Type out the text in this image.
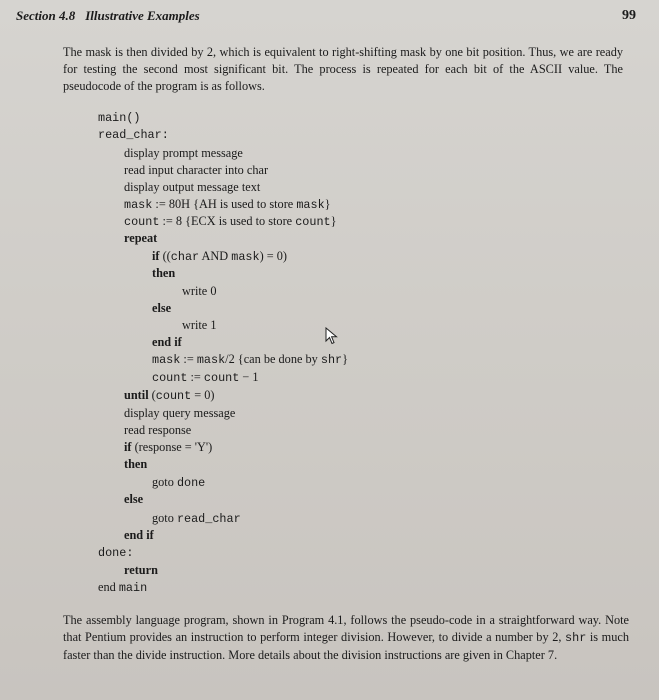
Section 4.8 Illustrative Examples	99
The mask is then divided by 2, which is equivalent to right-shifting mask by one bit position. Thus, we are ready for testing the second most significant bit. The process is repeated for each bit of the ASCII value. The pseudocode of the program is as follows.
main()
read_char:
display prompt message
read input character into char
display output message text
mask := 80H {AH is used to store mask}
count := 8 {ECX is used to store count}
repeat
if ((char AND mask) = 0)
then
write 0
else
write 1
end if
mask := mask/2 {can be done by shr}
count := count − 1
until (count = 0)
display query message
read response
if (response = 'Y')
then
goto done
else
goto read_char
end if
done:
return
end main
The assembly language program, shown in Program 4.1, follows the pseudo-code in a straightforward way. Note that Pentium provides an instruction to perform integer division. However, to divide a number by 2, shr is much faster than the divide instruction. More details about the division instructions are given in Chapter 7.
